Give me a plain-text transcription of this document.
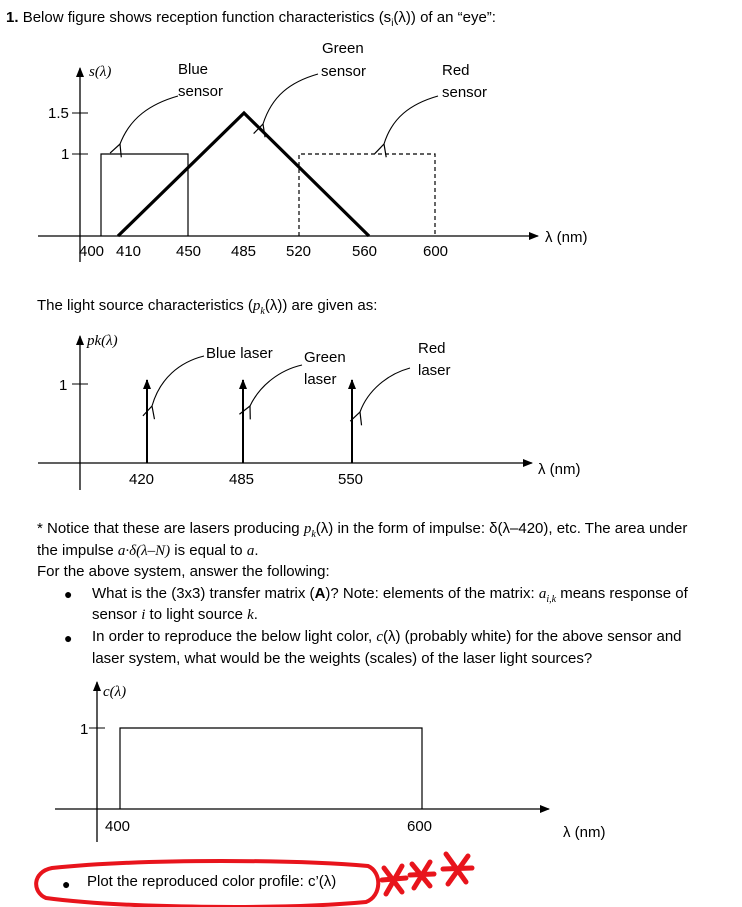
1. Below figure shows reception function characteristics $(s_i(\lambda))$ of an “eye”:
s(λ)
1.5
1
400 410 450 485 520	560	600
λ (nm)
Blue
sensor
Green
sensor	Red
sensor
The light source characteristics $(p_k(\lambda))$ are given as:
pk(λ)
1
420	485	550
λ (nm)
Blue laser Green
laser
Red
laser
* Notice that these are lasers producing $p_k(\lambda)$ in the form of impulse: δ(λ–420), etc. The area under
the impulse a·δ(λ–N) is equal to a.
For the above system, answer the following:
● What is the (3x3) transfer matrix (A)? Note: elements of the matrix: $a_{i,k}$ means response of
sensor i to light source k.
● In order to reproduce the below light color, c(λ) (probably white) for the above sensor and
laser system, what would be the weights (scales) of the laser light sources?
c(λ)
1
400	600	λ (nm)
● Plot the reproduced color profile: c’(λ)
